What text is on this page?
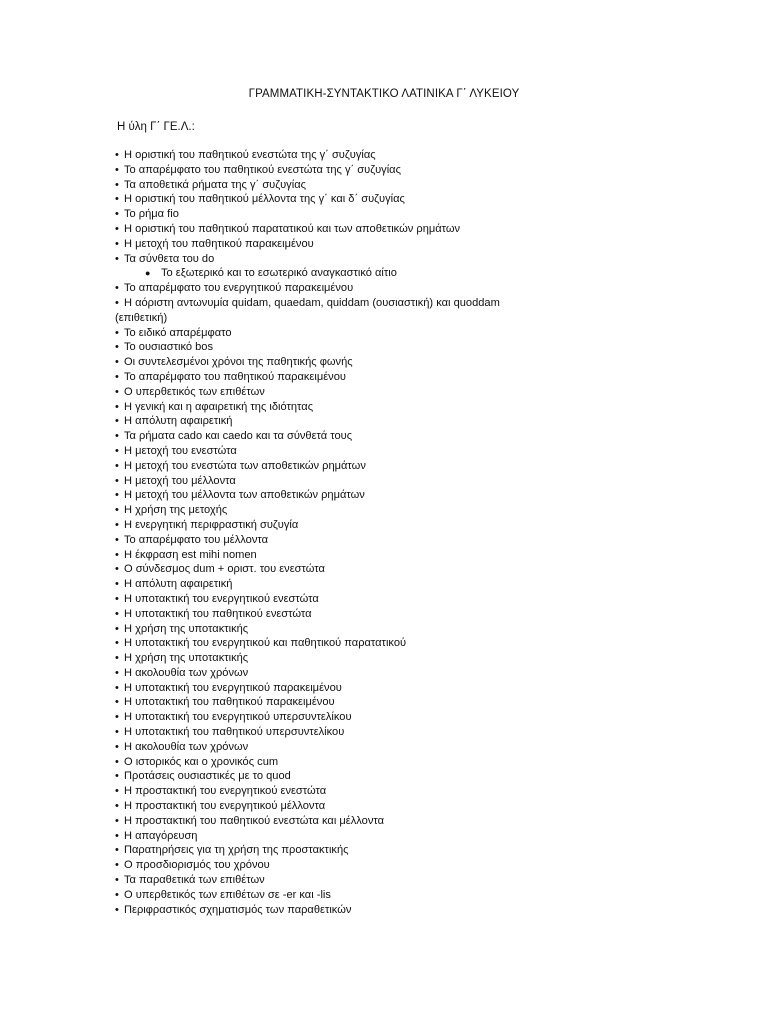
ΓΡΑΜΜΑΤΙΚΗ-ΣΥΝΤΑΚΤΙΚΟ ΛΑΤΙΝΙΚΑ Γ΄ ΛΥΚΕΙΟΥ
Η ύλη Γ΄ ΓΕ.Λ.:
• Η οριστική του παθητικού ενεστώτα της γ΄ συζυγίας
• Το απαρέμφατο του παθητικού ενεστώτα της γ΄ συζυγίας
• Τα αποθετικά ρήματα της γ΄ συζυγίας
• Η οριστική του παθητικού μέλλοντα της γ΄ και δ΄ συζυγίας
• Το ρήμα fio
• Η οριστική του παθητικού παρατατικού και των αποθετικών ρημάτων
• Η μετοχή του παθητικού παρακειμένου
• Τα σύνθετα του do
● Το εξωτερικό και το εσωτερικό αναγκαστικό αίτιο
• Το απαρέμφατο του ενεργητικού παρακειμένου
• Η αόριστη αντωνυμία quidam, quaedam, quiddam (ουσιαστική) και quoddam (επιθετική)
• Το ειδικό απαρέμφατο
• Το ουσιαστικό bos
• Οι συντελεσμένοι χρόνοι της παθητικής φωνής
• Το απαρέμφατο του παθητικού παρακειμένου
• Ο υπερθετικός των επιθέτων
• Η γενική και η αφαιρετική της ιδιότητας
• Η απόλυτη αφαιρετική
• Τα ρήματα cado και caedo και τα σύνθετά τους
• Η μετοχή του ενεστώτα
• Η μετοχή του ενεστώτα των αποθετικών ρημάτων
• Η μετοχή του μέλλοντα
• Η μετοχή του μέλλοντα των αποθετικών ρημάτων
• Η χρήση της μετοχής
• Η ενεργητική περιφραστική συζυγία
• Το απαρέμφατο του μέλλοντα
• Η έκφραση est mihi nomen
• Ο σύνδεσμος dum + οριστ. του ενεστώτα
• Η απόλυτη αφαιρετική
• Η υποτακτική του ενεργητικού ενεστώτα
• Η υποτακτική του παθητικού ενεστώτα
• Η χρήση της υποτακτικής
• Η υποτακτική του ενεργητικού και παθητικού παρατατικού
• Η χρήση της υποτακτικής
• Η ακολουθία των χρόνων
• Η υποτακτική του ενεργητικού παρακειμένου
• Η υποτακτική του παθητικού παρακειμένου
• Η υποτακτική του ενεργητικού υπερσυντελίκου
• Η υποτακτική του παθητικού υπερσυντελίκου
• Η ακολουθία των χρόνων
• Ο ιστορικός και ο χρονικός cum
• Προτάσεις ουσιαστικές με το quod
• Η προστακτική του ενεργητικού ενεστώτα
• Η προστακτική του ενεργητικού μέλλοντα
• Η προστακτική του παθητικού ενεστώτα και μέλλοντα
• Η απαγόρευση
• Παρατηρήσεις για τη χρήση της προστακτικής
• Ο προσδιορισμός του χρόνου
• Τα παραθετικά των επιθέτων
• Ο υπερθετικός των επιθέτων σε -er και -lis
• Περιφραστικός σχηματισμός των παραθετικών
